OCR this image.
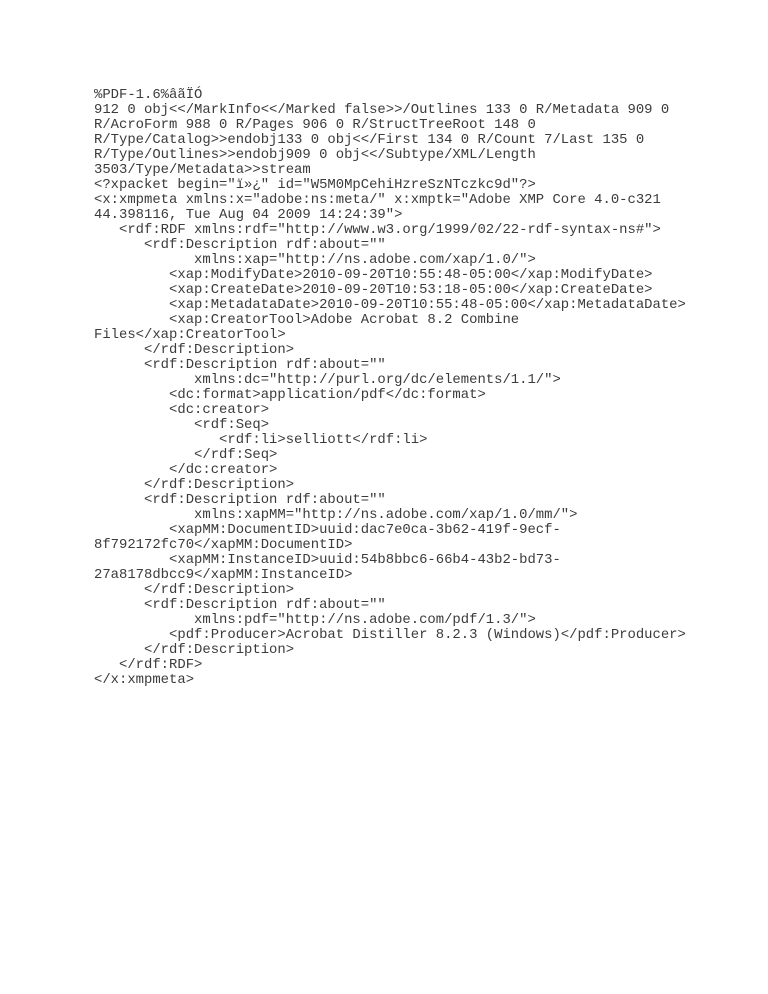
%PDF-1.6%âãÏÓ
912 0 obj<</MarkInfo<</Marked false>>/Outlines 133 0 R/Metadata 909 0
R/AcroForm 988 0 R/Pages 906 0 R/StructTreeRoot 148 0
R/Type/Catalog>>endobj133 0 obj<</First 134 0 R/Count 7/Last 135 0
R/Type/Outlines>>endobj909 0 obj<</Subtype/XML/Length
3503/Type/Metadata>>stream
<?xpacket begin="ï»¿" id="W5M0MpCehiHzreSzNTczkc9d"?>
<x:xmpmeta xmlns:x="adobe:ns:meta/" x:xmptk="Adobe XMP Core 4.0-c321
44.398116, Tue Aug 04 2009 14:24:39">
<rdf:RDF xmlns:rdf="http://www.w3.org/1999/02/22-rdf-syntax-ns#">
<rdf:Description rdf:about=""
xmlns:xap="http://ns.adobe.com/xap/1.0/">
<xap:ModifyDate>2010-09-20T10:55:48-05:00</xap:ModifyDate>
<xap:CreateDate>2010-09-20T10:53:18-05:00</xap:CreateDate>
<xap:MetadataDate>2010-09-20T10:55:48-05:00</xap:MetadataDate>
<xap:CreatorTool>Adobe Acrobat 8.2 Combine
Files</xap:CreatorTool>
</rdf:Description>
<rdf:Description rdf:about=""
xmlns:dc="http://purl.org/dc/elements/1.1/">
<dc:format>application/pdf</dc:format>
<dc:creator>
<rdf:Seq>
<rdf:li>selliott</rdf:li>
</rdf:Seq>
</dc:creator>
</rdf:Description>
<rdf:Description rdf:about=""
xmlns:xapMM="http://ns.adobe.com/xap/1.0/mm/">
<xapMM:DocumentID>uuid:dac7e0ca-3b62-419f-9ecf-
8f792172fc70</xapMM:DocumentID>
<xapMM:InstanceID>uuid:54b8bbc6-66b4-43b2-bd73-
27a8178dbcc9</xapMM:InstanceID>
</rdf:Description>
<rdf:Description rdf:about=""
xmlns:pdf="http://ns.adobe.com/pdf/1.3/">
<pdf:Producer>Acrobat Distiller 8.2.3 (Windows)</pdf:Producer>
</rdf:Description>
</rdf:RDF>
</x:xmpmeta>
